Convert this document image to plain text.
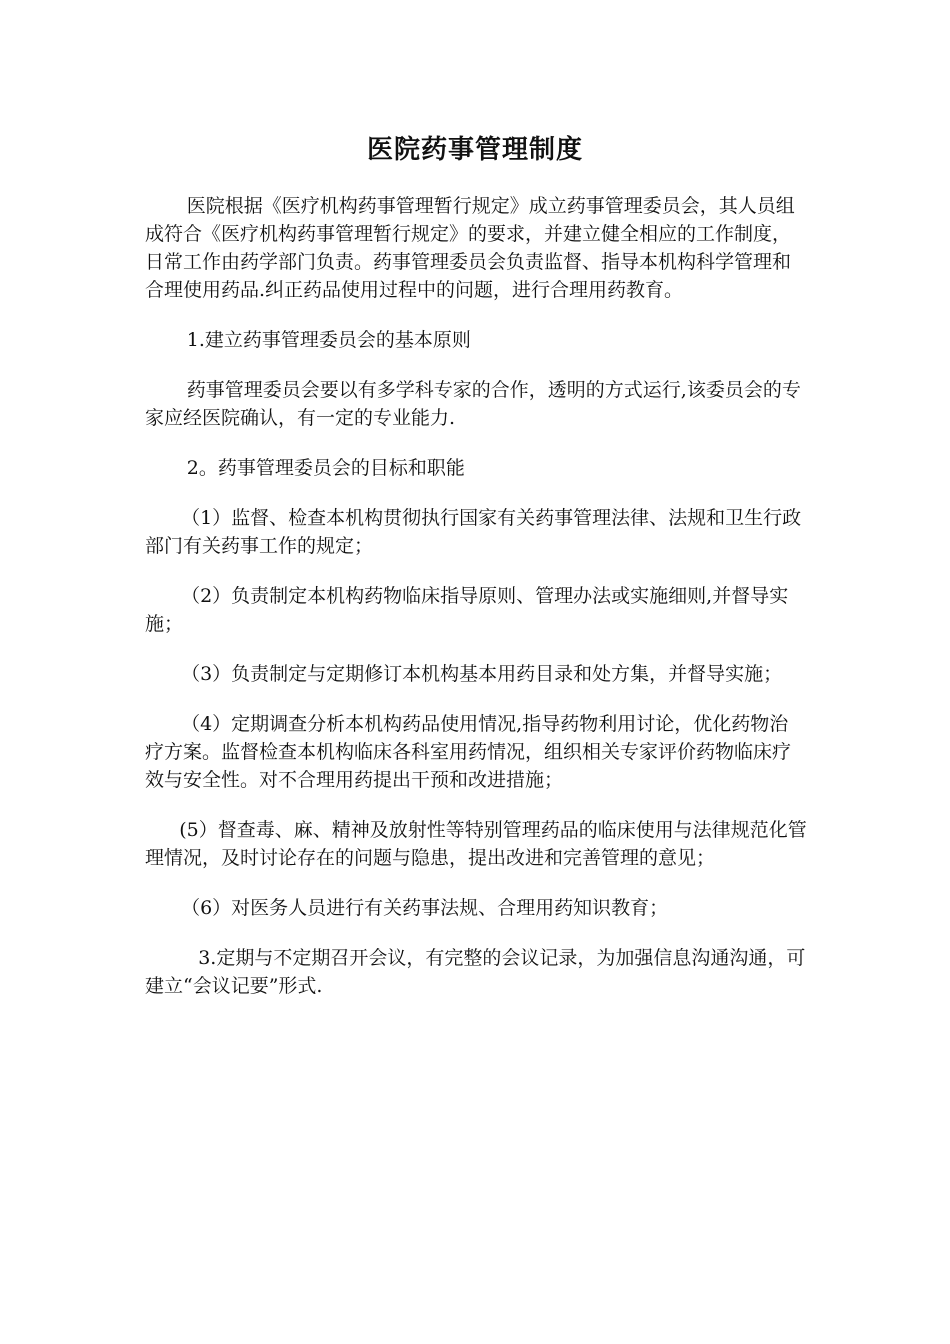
医院药事管理制度

医院根据《医疗机构药事管理暂行规定》成立药事管理委员会，其人员组成符合《医疗机构药事管理暂行规定》的要求，并建立健全相应的工作制度，日常工作由药学部门负责。药事管理委员会负责监督、指导本机构科学管理和合理使用药品.纠正药品使用过程中的问题，进行合理用药教育。

1.建立药事管理委员会的基本原则

药事管理委员会要以有多学科专家的合作，透明的方式运行,该委员会的专家应经医院确认，有一定的专业能力.

2。药事管理委员会的目标和职能

（1）监督、检查本机构贯彻执行国家有关药事管理法律、法规和卫生行政部门有关药事工作的规定；

（2）负责制定本机构药物临床指导原则、管理办法或实施细则,并督导实施；

（3）负责制定与定期修订本机构基本用药目录和处方集，并督导实施；

（4）定期调查分析本机构药品使用情况,指导药物利用讨论，优化药物治疗方案。监督检查本机构临床各科室用药情况，组织相关专家评价药物临床疗效与安全性。对不合理用药提出干预和改进措施；

(5）督查毒、麻、精神及放射性等特别管理药品的临床使用与法律规范化管理情况，及时讨论存在的问题与隐患，提出改进和完善管理的意见；

（6）对医务人员进行有关药事法规、合理用药知识教育；

3.定期与不定期召开会议，有完整的会议记录，为加强信息沟通沟通，可建立“会议记要”形式.
